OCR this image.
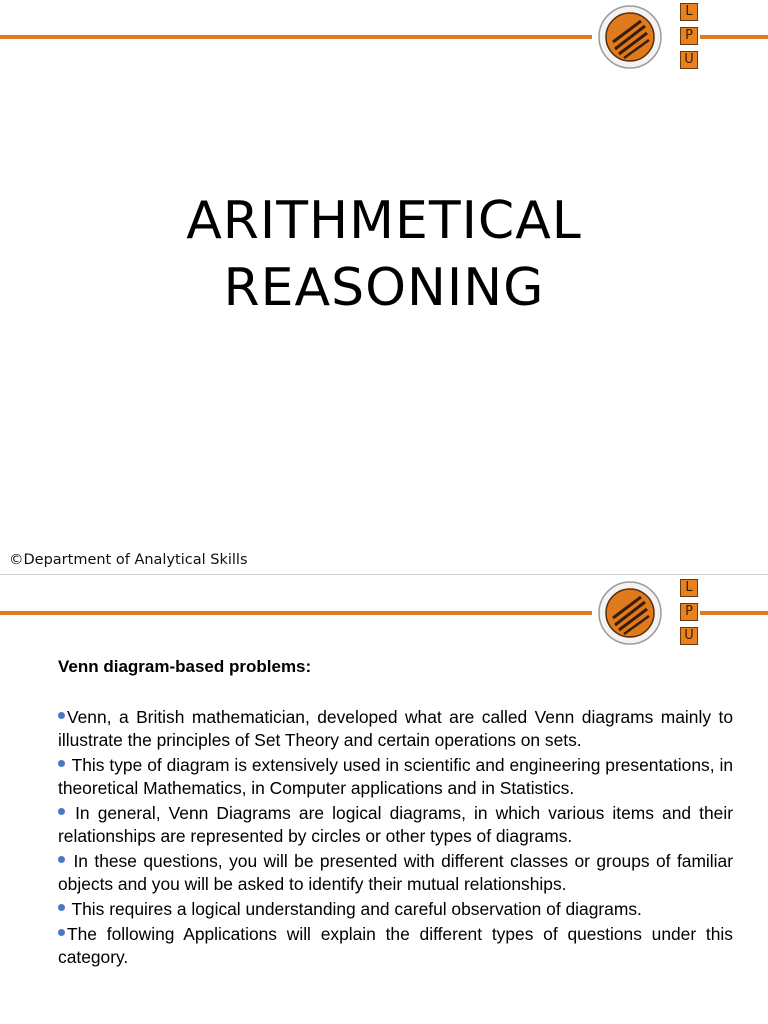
L
P
U
ARITHMETICAL
REASONING
©Department of Analytical Skills
L
P
U
Venn diagram-based problems:
Venn, a British mathematician, developed what are called Venn diagrams mainly to illustrate the principles of Set Theory and certain operations on sets.
This type of diagram is extensively used in scientific and engineering presentations, in theoretical Mathematics, in Computer applications and in Statistics.
In general, Venn Diagrams are logical diagrams, in which various items and their relationships are represented by circles or other types of diagrams.
In these questions, you will be presented with different classes or groups of familiar objects and you will be asked to identify their mutual relationships.
This requires a logical understanding and careful observation of diagrams.
The following Applications will explain the different types of questions under this category.
